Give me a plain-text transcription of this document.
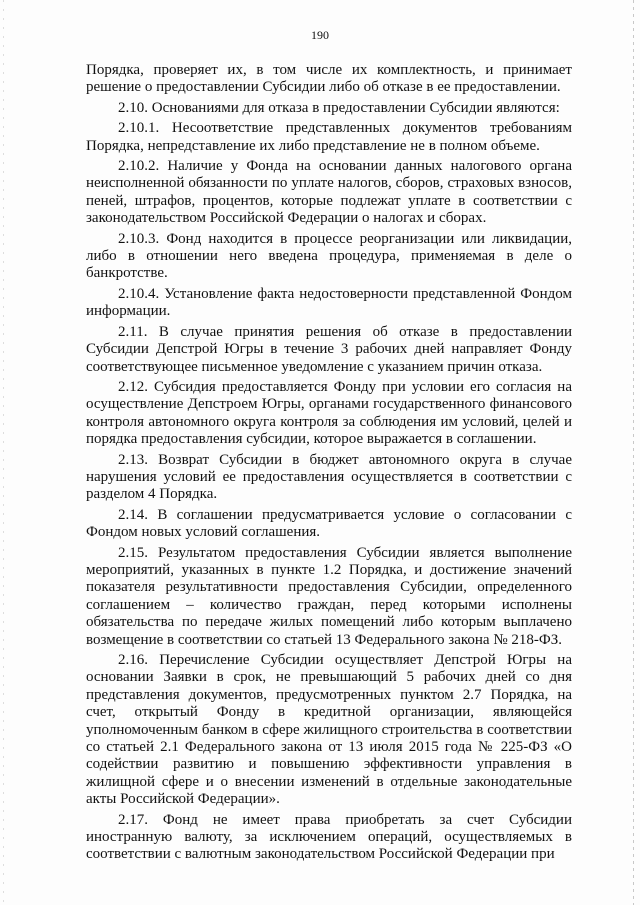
190

Порядка, проверяет их, в том числе их комплектность, и принимает решение о предоставлении Субсидии либо об отказе в ее предоставлении.

2.10. Основаниями для отказа в предоставлении Субсидии являются:

2.10.1. Несоответствие представленных документов требованиям Порядка, непредставление их либо представление не в полном объеме.

2.10.2. Наличие у Фонда на основании данных налогового органа неисполненной обязанности по уплате налогов, сборов, страховых взносов, пеней, штрафов, процентов, которые подлежат уплате в соответствии с законодательством Российской Федерации о налогах и сборах.

2.10.3. Фонд находится в процессе реорганизации или ликвидации, либо в отношении него введена процедура, применяемая в деле о банкротстве.

2.10.4. Установление факта недостоверности представленной Фондом информации.

2.11. В случае принятия решения об отказе в предоставлении Субсидии Депстрой Югры в течение 3 рабочих дней направляет Фонду соответствующее письменное уведомление с указанием причин отказа.

2.12. Субсидия предоставляется Фонду при условии его согласия на осуществление Депстроем Югры, органами государственного финансового контроля автономного округа контроля за соблюдения им условий, целей и порядка предоставления субсидии, которое выражается в соглашении.

2.13. Возврат Субсидии в бюджет автономного округа в случае нарушения условий ее предоставления осуществляется в соответствии с разделом 4 Порядка.

2.14. В соглашении предусматривается условие о согласовании с Фондом новых условий соглашения.

2.15. Результатом предоставления Субсидии является выполнение мероприятий, указанных в пункте 1.2 Порядка, и достижение значений показателя результативности предоставления Субсидии, определенного соглашением – количество граждан, перед которыми исполнены обязательства по передаче жилых помещений либо которым выплачено возмещение в соответствии со статьей 13 Федерального закона № 218-ФЗ.

2.16. Перечисление Субсидии осуществляет Депстрой Югры на основании Заявки в срок, не превышающий 5 рабочих дней со дня представления документов, предусмотренных пунктом 2.7 Порядка, на счет, открытый Фонду в кредитной организации, являющейся уполномоченным банком в сфере жилищного строительства в соответствии со статьей 2.1 Федерального закона от 13 июля 2015 года № 225-ФЗ «О содействии развитию и повышению эффективности управления в жилищной сфере и о внесении изменений в отдельные законодательные акты Российской Федерации».

2.17. Фонд не имеет права приобретать за счет Субсидии иностранную валюту, за исключением операций, осуществляемых в соответствии с валютным законодательством Российской Федерации при
